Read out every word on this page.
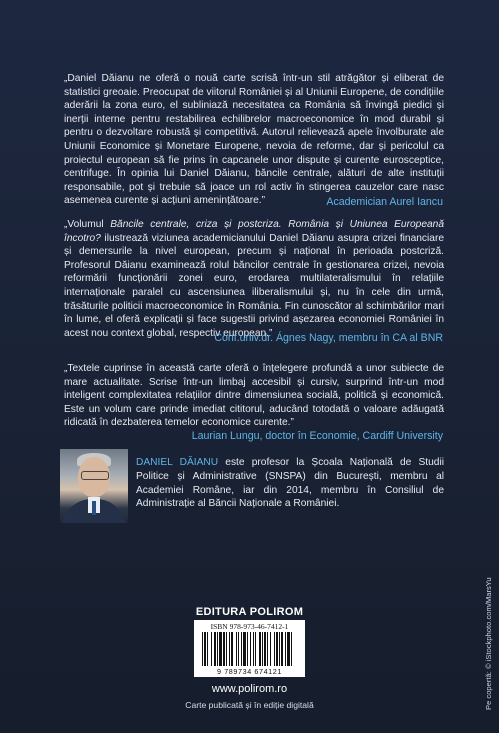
„Daniel Dăianu ne oferă o nouă carte scrisă într-un stil atrăgător și eliberat de statistici greoaie. Preocupat de viitorul României și al Uniunii Europene, de condițiile aderării la zona euro, el subliniază necesitatea ca România să învingă piedici și inerții interne pentru restabilirea echilibrelor macroeconomice în mod durabil și pentru o dezvoltare robustă și competitivă. Autorul relievează apele învolburate ale Uniunii Economice și Monetare Europene, nevoia de reforme, dar și pericolul ca proiectul european să fie prins în capcanele unor dispute și curente eurosceptice, centrifuge. În opinia lui Daniel Dăianu, băncile centrale, alături de alte instituții responsabile, pot și trebuie să joace un rol activ în stingerea cauzelor care nasc asemenea curente și acțiuni amenințătoare.”	Academician Aurel Iancu
„Volumul Băncile centrale, criza și postcriza. România și Uniunea Europeană încotro? ilustrează viziunea academicianului Daniel Dăianu asupra crizei financiare și demersurile la nivel european, precum și național în perioada postcriză. Profesorul Dăianu examinează rolul băncilor centrale în gestionarea crizei, nevoia reformării funcționării zonei euro, erodarea multilateralismului în relațiile internaționale paralel cu ascensiunea iliberalismului și, nu în cele din urmă, trăsăturile politicii macroeconomice în România. Fin cunoscător al schimbărilor mari în lume, el oferă explicații și face sugestii privind așezarea economiei României în acest nou context global, respectiv european.”
Conf.univ.dr. Ágnes Nagy, membru în CA al BNR
„Textele cuprinse în această carte oferă o înțelegere profundă a unor subiecte de mare actualitate. Scrise într-un limbaj accesibil și cursiv, surprind într-un mod inteligent complexitatea relațiilor dintre dimensiunea socială, politică și economică. Este un volum care prinde imediat cititorul, aducând totodată o valoare adăugată ridicată în dezbaterea temelor economice curente.”
Laurian Lungu, doctor în Economie, Cardiff University
DANIEL DĂIANU este profesor la Școala Națională de Studii Politice și Administrative (SNSPA) din București, membru al Academiei Române, iar din 2014, membru în Consiliul de Administrație al Băncii Naționale a României.
EDITURA POLIROM
ISBN 978-973-46-7412-1
9 789734 674121
www.polirom.ro
Carte publicată și în ediție digitală	Pe copertă: © iStockphoto.com/MarsYu
